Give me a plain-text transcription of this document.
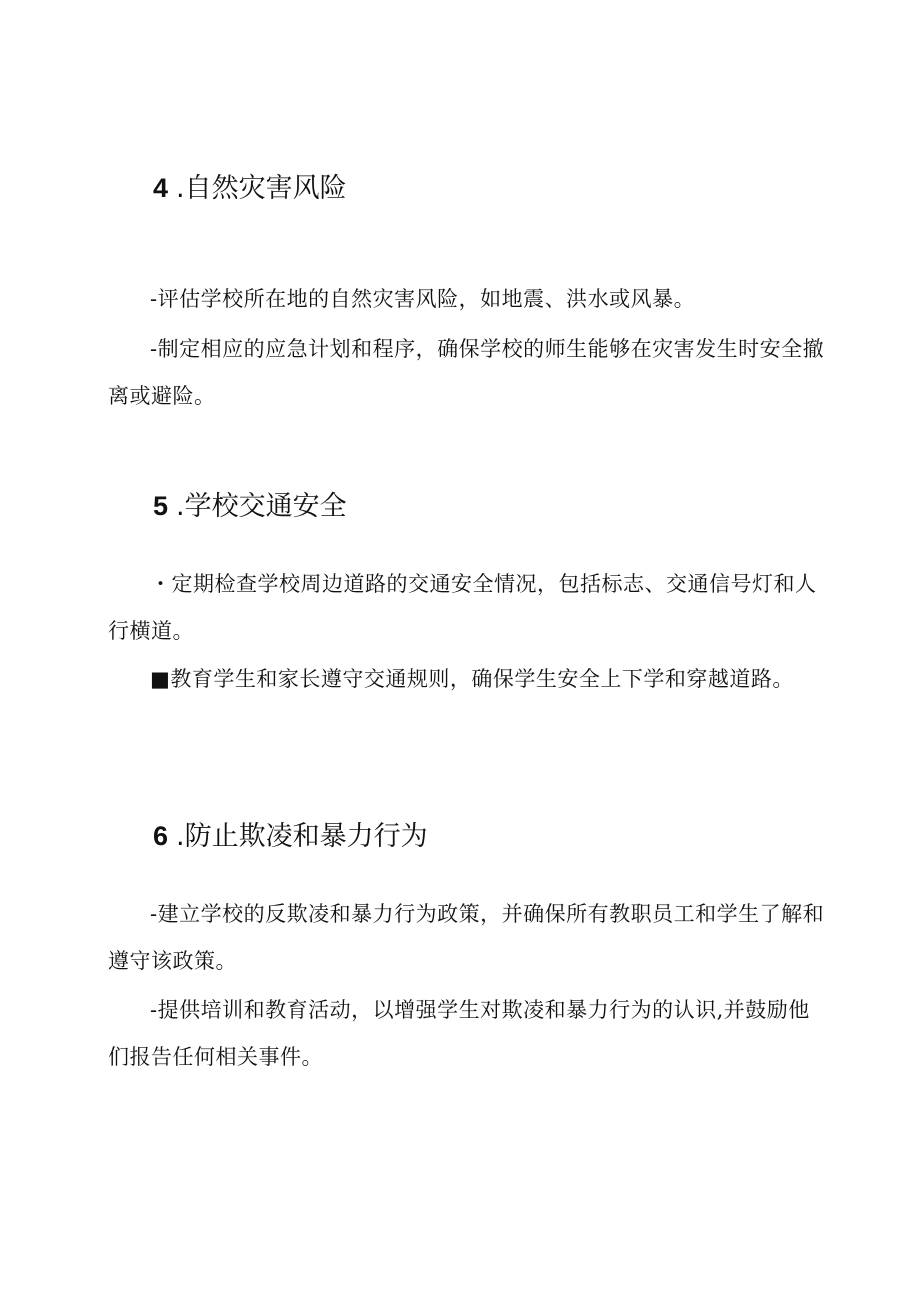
4 .自然灾害风险

-评估学校所在地的自然灾害风险，如地震、洪水或风暴。

-制定相应的应急计划和程序，确保学校的师生能够在灾害发生时安全撤离或避险。

5 .学校交通安全

・定期检查学校周边道路的交通安全情况，包括标志、交通信号灯和人行横道。

■教育学生和家长遵守交通规则，确保学生安全上下学和穿越道路。

6 .防止欺凌和暴力行为

-建立学校的反欺凌和暴力行为政策，并确保所有教职员工和学生了解和遵守该政策。

-提供培训和教育活动，以增强学生对欺凌和暴力行为的认识,并鼓励他们报告任何相关事件。
